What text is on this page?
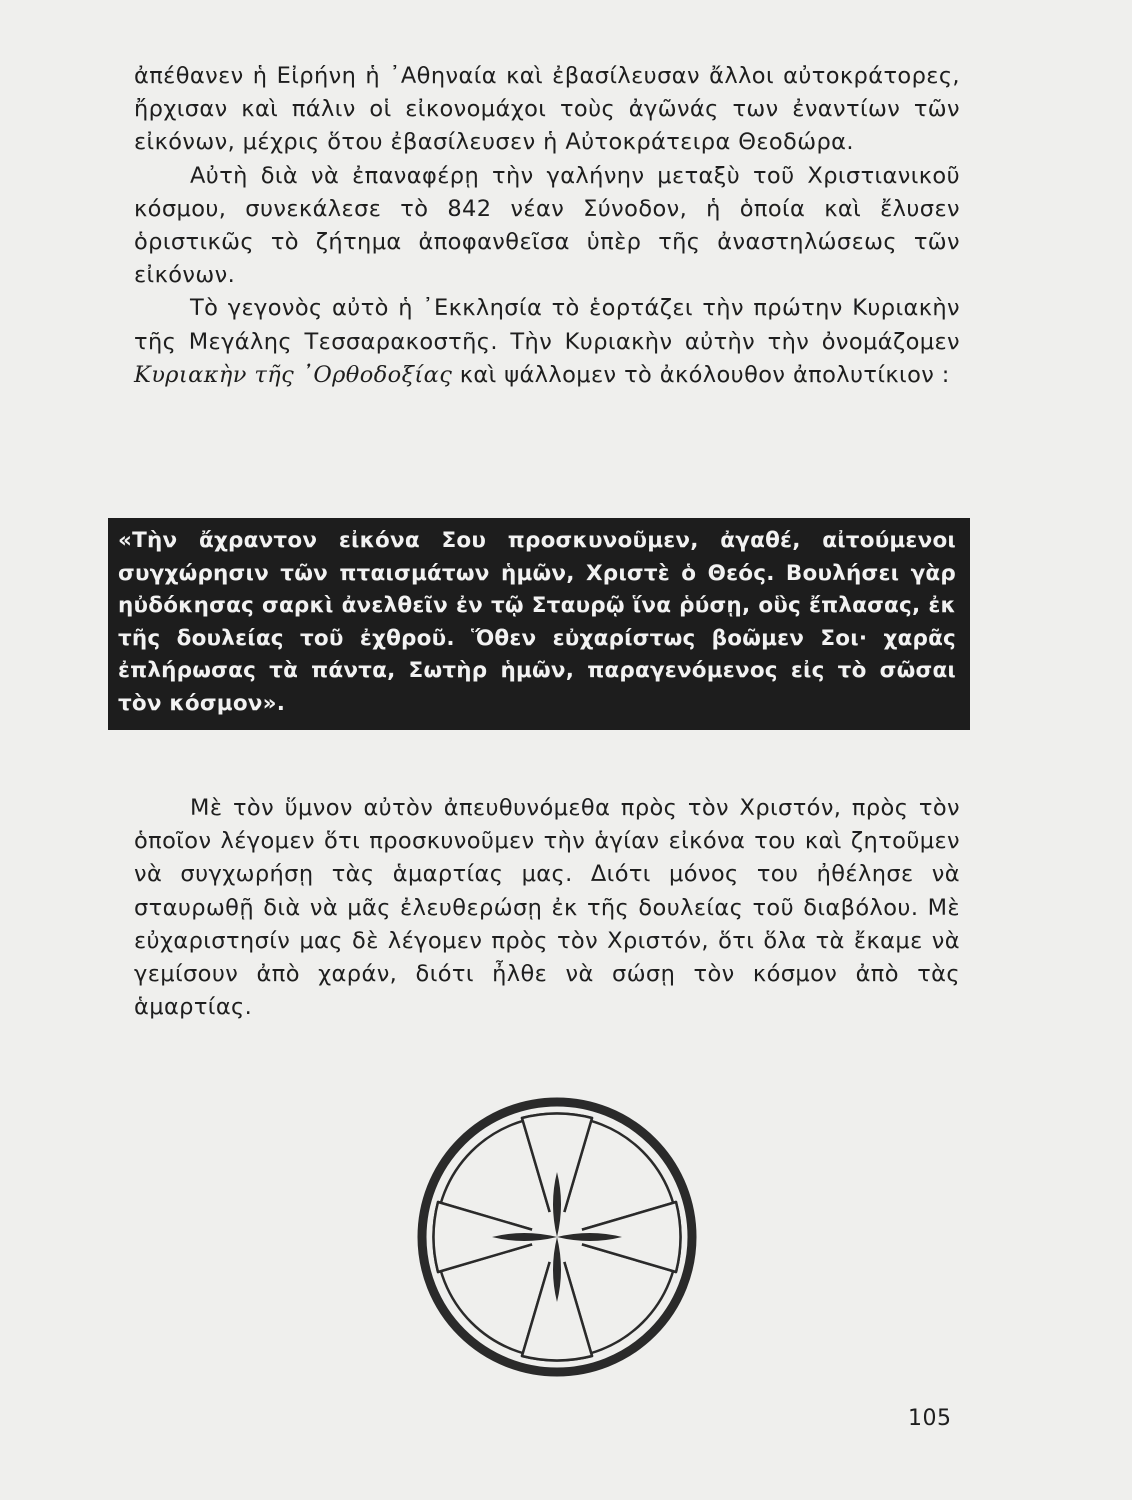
ἀπέθανεν ἡ Εἰρήνη ἡ ᾿Αθηναία καὶ ἐβασίλευσαν ἄλλοι αὐτοκράτορες, ἤρχισαν καὶ πάλιν οἱ εἰκονομάχοι τοὺς ἀγῶνάς των ἐναντίων τῶν εἰκόνων, μέχρις ὅτου ἐβασίλευσεν ἡ Αὐτοκράτειρα Θεοδώρα.

Αὐτὴ διὰ νὰ ἐπαναφέρῃ τὴν γαλήνην μεταξὺ τοῦ Χριστιανικοῦ κόσμου, συνεκάλεσε τὸ 842 νέαν Σύνοδον, ἡ ὁποία καὶ ἔλυσεν ὁριστικῶς τὸ ζήτημα ἀποφανθεῖσα ὑπὲρ τῆς ἀναστηλώσεως τῶν εἰκόνων.

Τὸ γεγονὸς αὐτὸ ἡ ᾿Εκκλησία τὸ ἑορτάζει τὴν πρώτην Κυριακὴν τῆς Μεγάλης Τεσσαρακοστῆς. Τὴν Κυριακὴν αὐτὴν τὴν ὀνομάζομεν Κυριακὴν τῆς ᾿Ορθοδοξίας καὶ ψάλλομεν τὸ ἀκόλουθον ἀπολυτίκιον :

«Τὴν ἄχραντον εἰκόνα Σου προσκυνοῦμεν, ἀγαθέ, αἰτούμενοι συγχώρησιν τῶν πταισμάτων ἡμῶν, Χριστὲ ὁ Θεός. Βουλήσει γὰρ ηὐδόκησας σαρκὶ ἀνελθεῖν ἐν τῷ Σταυρῷ ἵνα ῥύσῃ, οὓς ἔπλασας, ἐκ τῆς δουλείας τοῦ ἐχθροῦ. Ὅθεν εὐχαρίστως βοῶμεν Σοι· χαρᾶς ἐπλήρωσας τὰ πάντα, Σωτὴρ ἡμῶν, παραγενόμενος εἰς τὸ σῶσαι τὸν κόσμον».

Μὲ τὸν ὕμνον αὐτὸν ἀπευθυνόμεθα πρὸς τὸν Χριστόν, πρὸς τὸν ὁποῖον λέγομεν ὅτι προσκυνοῦμεν τὴν ἁγίαν εἰκόνα του καὶ ζητοῦμεν νὰ συγχωρήσῃ τὰς ἁμαρτίας μας. Διότι μόνος του ἠθέλησε νὰ σταυρωθῇ διὰ νὰ μᾶς ἐλευθερώσῃ ἐκ τῆς δουλείας τοῦ διαβόλου. Μὲ εὐχαριστησίν μας δὲ λέγομεν πρὸς τὸν Χριστόν, ὅτι ὅλα τὰ ἔκαμε νὰ γεμίσουν ἀπὸ χαράν, διότι ἦλθε νὰ σώσῃ τὸν κόσμον ἀπὸ τὰς ἁμαρτίας.

105
